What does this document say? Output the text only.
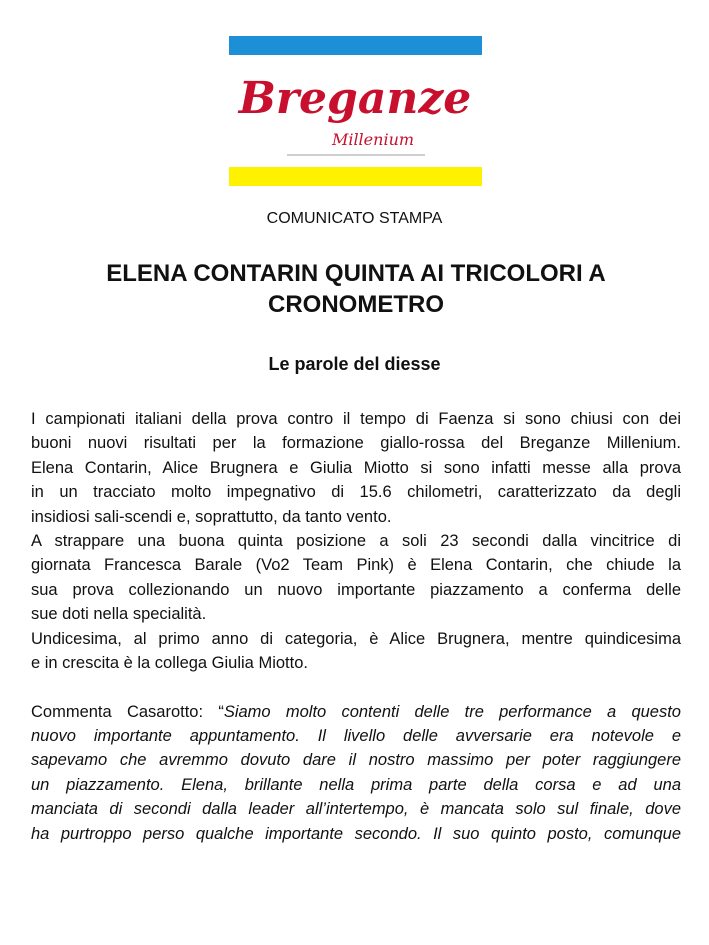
Breganze
Millenium
COMUNICATO STAMPA
ELENA CONTARIN QUINTA AI TRICOLORI A
CRONOMETRO
Le parole del diesse
I campionati italiani della prova contro il tempo di Faenza si sono chiusi con dei
buoni nuovi risultati per la formazione giallo-rossa del Breganze Millenium.
Elena Contarin, Alice Brugnera e Giulia Miotto si sono infatti messe alla prova
in un tracciato molto impegnativo di 15.6 chilometri, caratterizzato da degli
insidiosi sali-scendi e, soprattutto, da tanto vento.
A strappare una buona quinta posizione a soli 23 secondi dalla vincitrice di
giornata Francesca Barale (Vo2 Team Pink) è Elena Contarin, che chiude la
sua prova collezionando un nuovo importante piazzamento a conferma delle
sue doti nella specialità.
Undicesima, al primo anno di categoria, è Alice Brugnera, mentre quindicesima
e in crescita è la collega Giulia Miotto.
Commenta Casarotto: “Siamo molto contenti delle tre performance a questo
nuovo importante appuntamento. Il livello delle avversarie era notevole e
sapevamo che avremmo dovuto dare il nostro massimo per poter raggiungere
un piazzamento. Elena, brillante nella prima parte della corsa e ad una
manciata di secondi dalla leader all’intertempo, è mancata solo sul finale, dove
ha purtroppo perso qualche importante secondo. Il suo quinto posto, comunque
